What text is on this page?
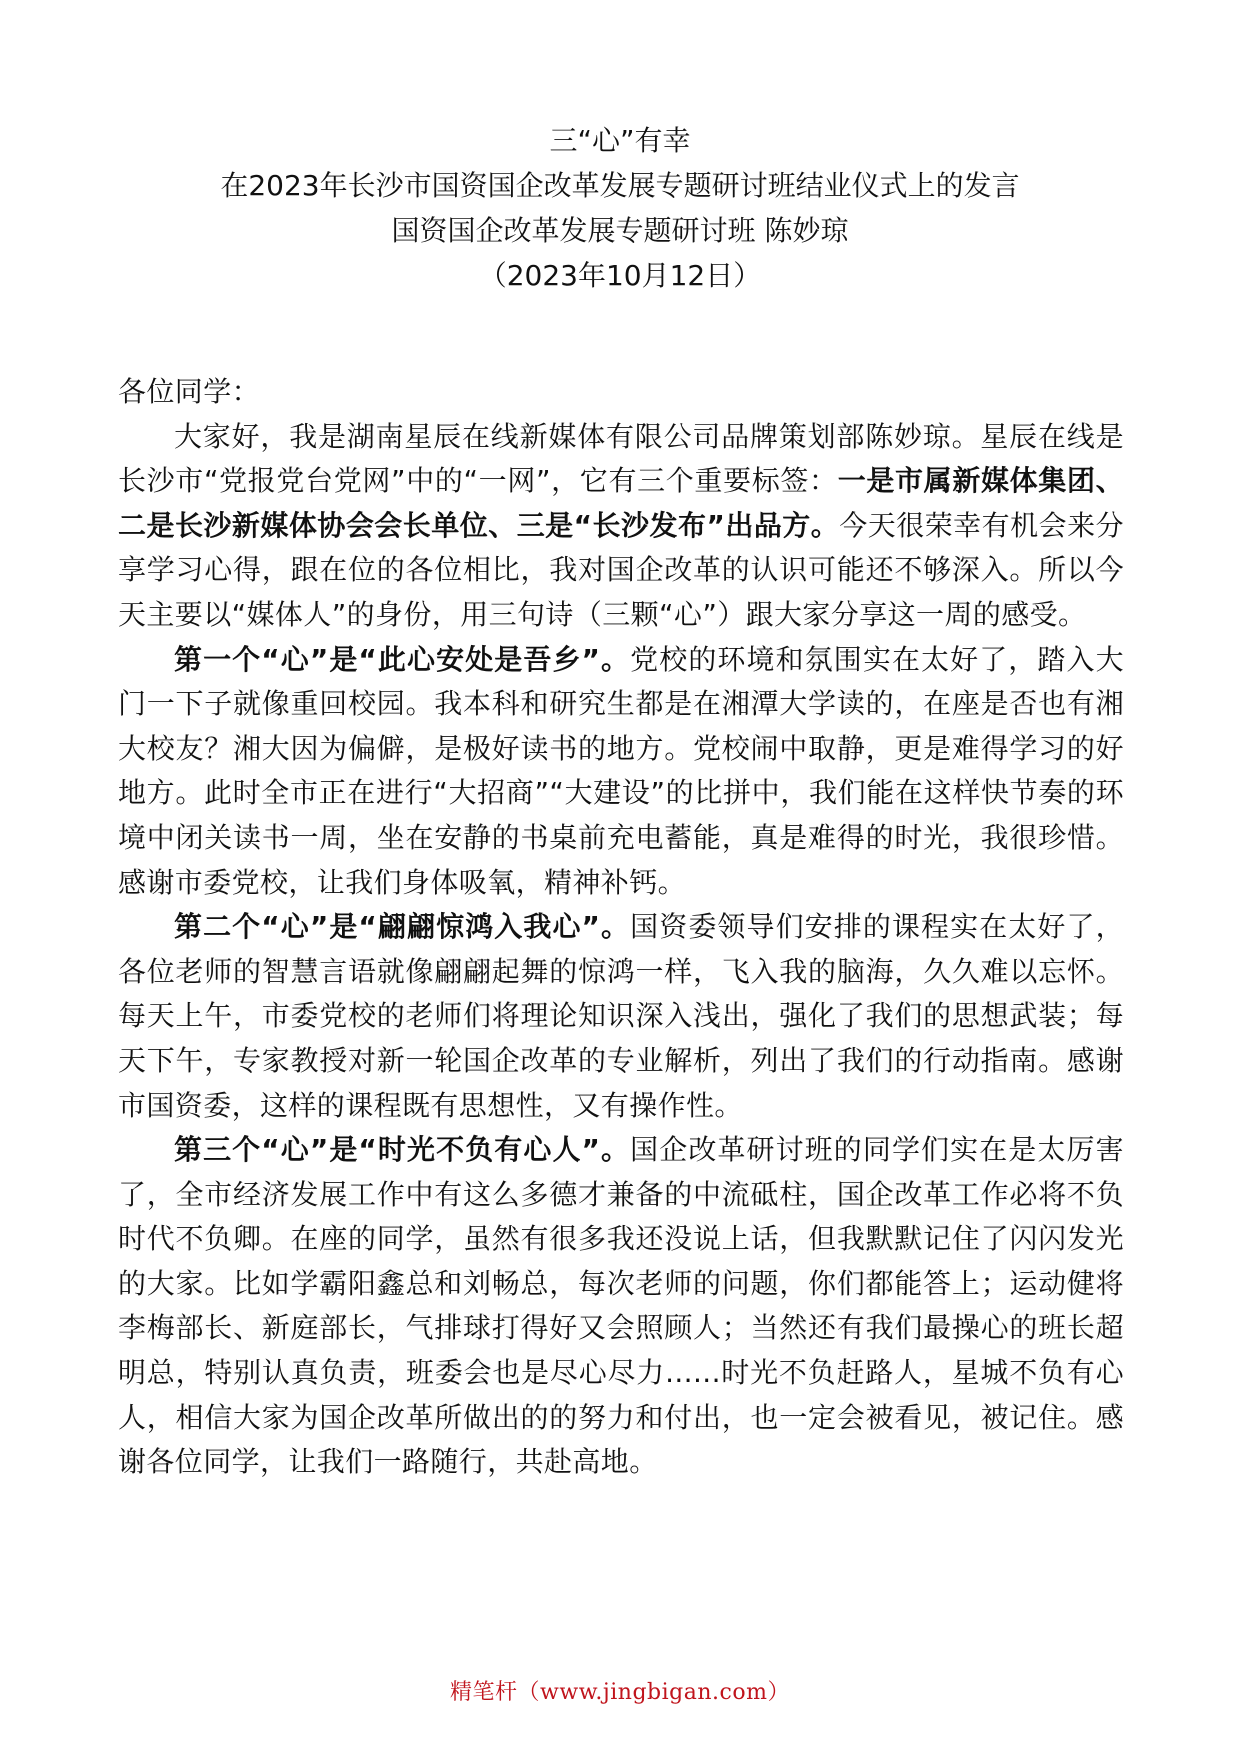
三“心”有幸
在2023年长沙市国资国企改革发展专题研讨班结业仪式上的发言
国资国企改革发展专题研讨班 陈妙琼
（2023年10月12日）

各位同学：

大家好，我是湖南星辰在线新媒体有限公司品牌策划部陈妙琼。星辰在线是长沙市“党报党台党网”中的“一网”，它有三个重要标签：一是市属新媒体集团、二是长沙新媒体协会会长单位、三是“长沙发布”出品方。今天很荣幸有机会来分享学习心得，跟在位的各位相比，我对国企改革的认识可能还不够深入。所以今天主要以“媒体人”的身份，用三句诗（三颗“心”）跟大家分享这一周的感受。

第一个“心”是“此心安处是吾乡”。党校的环境和氛围实在太好了，踏入大门一下子就像重回校园。我本科和研究生都是在湘潭大学读的，在座是否也有湘大校友？湘大因为偏僻，是极好读书的地方。党校闹中取静，更是难得学习的好地方。此时全市正在进行“大招商”“大建设”的比拼中，我们能在这样快节奏的环境中闭关读书一周，坐在安静的书桌前充电蓄能，真是难得的时光，我很珍惜。感谢市委党校，让我们身体吸氧，精神补钙。

第二个“心”是“翩翩惊鸿入我心”。国资委领导们安排的课程实在太好了，各位老师的智慧言语就像翩翩起舞的惊鸿一样，飞入我的脑海，久久难以忘怀。每天上午，市委党校的老师们将理论知识深入浅出，强化了我们的思想武装；每天下午，专家教授对新一轮国企改革的专业解析，列出了我们的行动指南。感谢市国资委，这样的课程既有思想性，又有操作性。

第三个“心”是“时光不负有心人”。国企改革研讨班的同学们实在是太厉害了，全市经济发展工作中有这么多德才兼备的中流砥柱，国企改革工作必将不负时代不负卿。在座的同学，虽然有很多我还没说上话，但我默默记住了闪闪发光的大家。比如学霸阳鑫总和刘畅总，每次老师的问题，你们都能答上；运动健将李梅部长、新庭部长，气排球打得好又会照顾人；当然还有我们最操心的班长超明总，特别认真负责，班委会也是尽心尽力......时光不负赶路人，星城不负有心人，相信大家为国企改革所做出的的努力和付出，也一定会被看见，被记住。感谢各位同学，让我们一路随行，共赴高地。

精笔杆（www.jingbigan.com）
